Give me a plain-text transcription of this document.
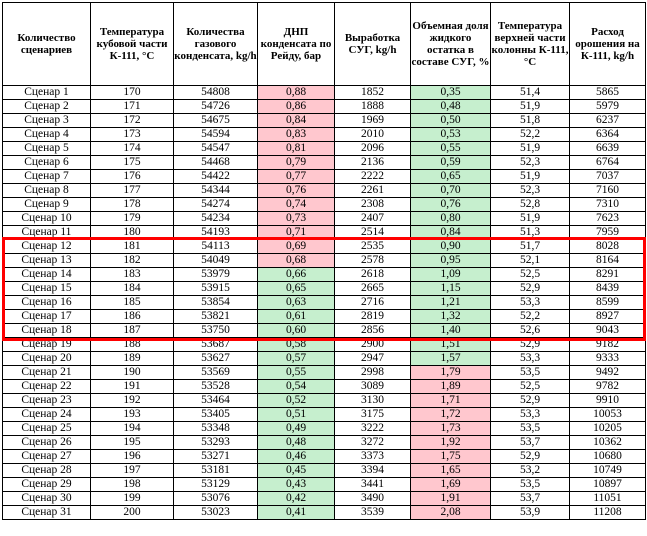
Количество сценариев	Температура кубовой части К-111, °С	Количества газового конденсата, kg/h	ДНП конденсата по Рейду, бар	Выработка СУГ, kg/h	Объемная доля жидкого остатка в составе СУГ, %	Температура верхней части колонны К-111, °С	Расход орошения на К-111, kg/h
Сценар 1	170	54808	0,88	1852	0,35	51,4	5865
Сценар 2	171	54726	0,86	1888	0,48	51,9	5979
Сценар 3	172	54675	0,84	1969	0,50	51,8	6237
Сценар 4	173	54594	0,83	2010	0,53	52,2	6364
Сценар 5	174	54547	0,81	2096	0,55	51,9	6639
Сценар 6	175	54468	0,79	2136	0,59	52,3	6764
Сценар 7	176	54422	0,77	2222	0,65	51,9	7037
Сценар 8	177	54344	0,76	2261	0,70	52,3	7160
Сценар 9	178	54274	0,74	2308	0,76	52,8	7310
Сценар 10	179	54234	0,73	2407	0,80	51,9	7623
Сценар 11	180	54193	0,71	2514	0,84	51,3	7959
Сценар 12	181	54113	0,69	2535	0,90	51,7	8028
Сценар 13	182	54049	0,68	2578	0,95	52,1	8164
Сценар 14	183	53979	0,66	2618	1,09	52,5	8291
Сценар 15	184	53915	0,65	2665	1,15	52,9	8439
Сценар 16	185	53854	0,63	2716	1,21	53,3	8599
Сценар 17	186	53821	0,61	2819	1,32	52,2	8927
Сценар 18	187	53750	0,60	2856	1,40	52,6	9043
Сценар 19	188	53687	0,58	2900	1,51	52,9	9182
Сценар 20	189	53627	0,57	2947	1,57	53,3	9333
Сценар 21	190	53569	0,55	2998	1,79	53,5	9492
Сценар 22	191	53528	0,54	3089	1,89	52,5	9782
Сценар 23	192	53464	0,52	3130	1,71	52,9	9910
Сценар 24	193	53405	0,51	3175	1,72	53,3	10053
Сценар 25	194	53348	0,49	3222	1,73	53,5	10205
Сценар 26	195	53293	0,48	3272	1,92	53,7	10362
Сценар 27	196	53271	0,46	3373	1,75	52,9	10680
Сценар 28	197	53181	0,45	3394	1,65	53,2	10749
Сценар 29	198	53129	0,43	3441	1,69	53,5	10897
Сценар 30	199	53076	0,42	3490	1,91	53,7	11051
Сценар 31	200	53023	0,41	3539	2,08	53,9	11208
